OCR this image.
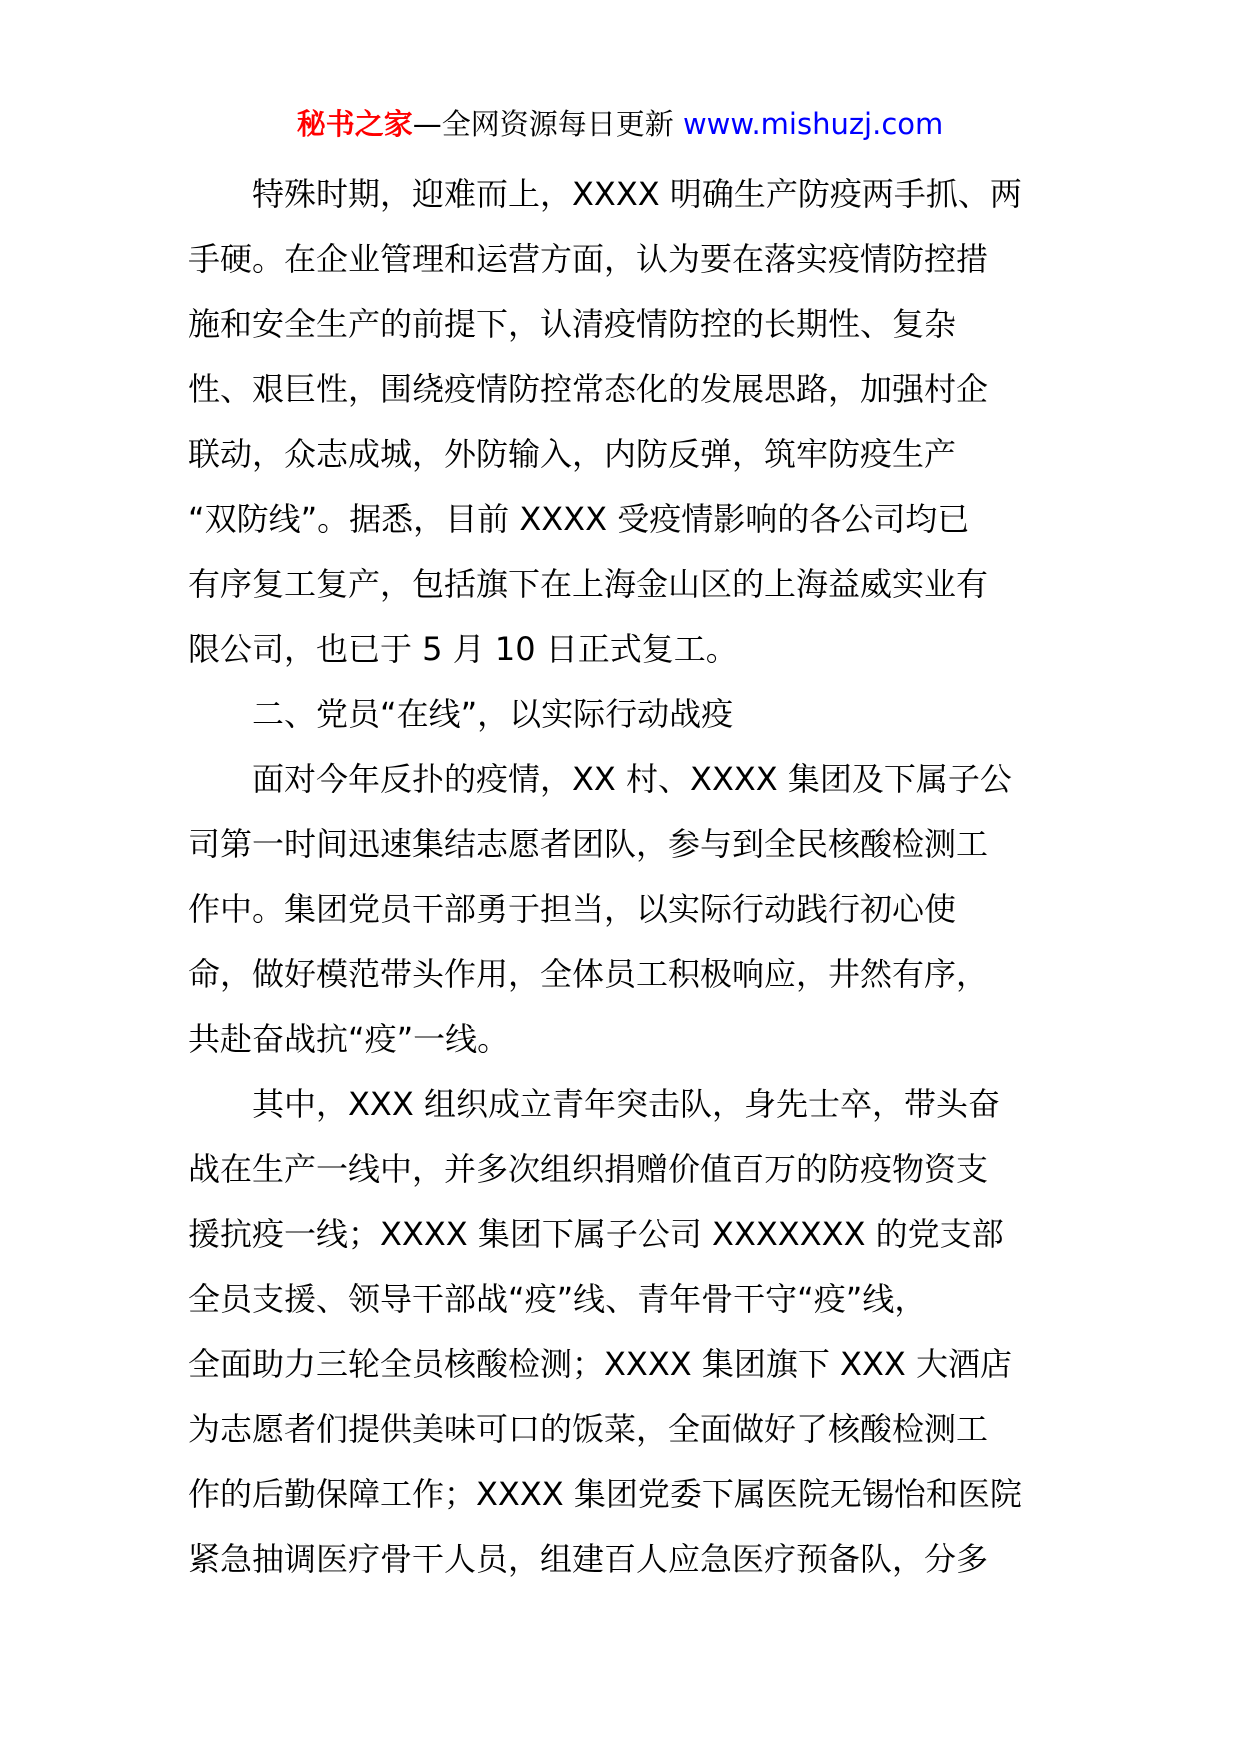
秘书之家—全网资源每日更新 www.mishuzj.com
　　特殊时期，迎难而上，XXXX 明确生产防疫两手抓、两
手硬。在企业管理和运营方面，认为要在落实疫情防控措
施和安全生产的前提下，认清疫情防控的长期性、复杂
性、艰巨性，围绕疫情防控常态化的发展思路，加强村企
联动，众志成城，外防输入，内防反弹，筑牢防疫生产
“双防线”。据悉，目前 XXXX 受疫情影响的各公司均已
有序复工复产，包括旗下在上海金山区的上海益威实业有
限公司，也已于 5 月 10 日正式复工。
　　二、党员“在线”，以实际行动战疫
　　面对今年反扑的疫情，XX 村、XXXX 集团及下属子公
司第一时间迅速集结志愿者团队，参与到全民核酸检测工
作中。集团党员干部勇于担当，以实际行动践行初心使
命，做好模范带头作用，全体员工积极响应，井然有序，
共赴奋战抗“疫”一线。
　　其中，XXX 组织成立青年突击队，身先士卒，带头奋
战在生产一线中，并多次组织捐赠价值百万的防疫物资支
援抗疫一线；XXXX 集团下属子公司 XXXXXXX 的党支部
全员支援、领导干部战“疫”线、青年骨干守“疫”线，
全面助力三轮全员核酸检测；XXXX 集团旗下 XXX 大酒店
为志愿者们提供美味可口的饭菜，全面做好了核酸检测工
作的后勤保障工作；XXXX 集团党委下属医院无锡怡和医院
紧急抽调医疗骨干人员，组建百人应急医疗预备队，分多
